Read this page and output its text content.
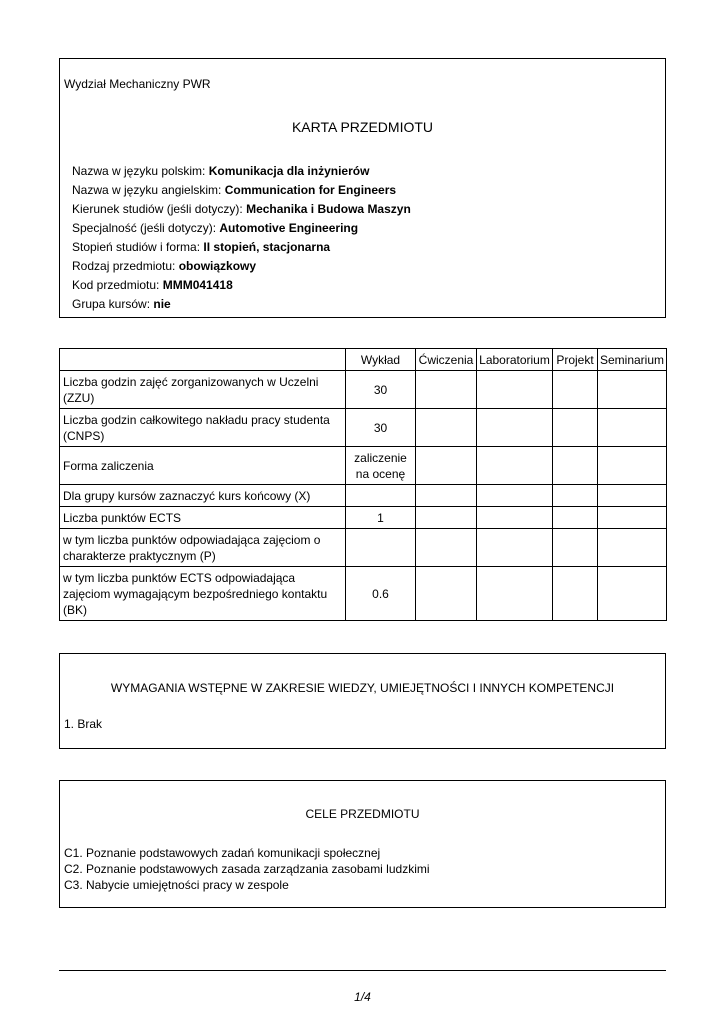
Wydział Mechaniczny PWR
KARTA PRZEDMIOTU
Nazwa w języku polskim: Komunikacja dla inżynierów
Nazwa w języku angielskim: Communication for Engineers
Kierunek studiów (jeśli dotyczy): Mechanika i Budowa Maszyn
Specjalność (jeśli dotyczy): Automotive Engineering
Stopień studiów i forma: II stopień, stacjonarna
Rodzaj przedmiotu: obowiązkowy
Kod przedmiotu: MMM041418
Grupa kursów: nie
	Wykład	Ćwiczenia	Laboratorium	Projekt	Seminarium
Liczba godzin zajęć zorganizowanych w Uczelni (ZZU)	30				
Liczba godzin całkowitego nakładu pracy studenta (CNPS)	30				
Forma zaliczenia	zaliczenie na ocenę				
Dla grupy kursów zaznaczyć kurs końcowy (X)					
Liczba punktów ECTS	1				
w tym liczba punktów odpowiadająca zajęciom o charakterze praktycznym (P)					
w tym liczba punktów ECTS odpowiadająca zajęciom wymagającym bezpośredniego kontaktu (BK)	0.6				
WYMAGANIA WSTĘPNE W ZAKRESIE WIEDZY, UMIEJĘTNOŚCI I INNYCH KOMPETENCJI
1. Brak
CELE PRZEDMIOTU
C1. Poznanie podstawowych zadań komunikacji społecznej
C2. Poznanie podstawowych zasada zarządzania zasobami ludzkimi
C3. Nabycie umiejętności pracy w zespole
1/4
